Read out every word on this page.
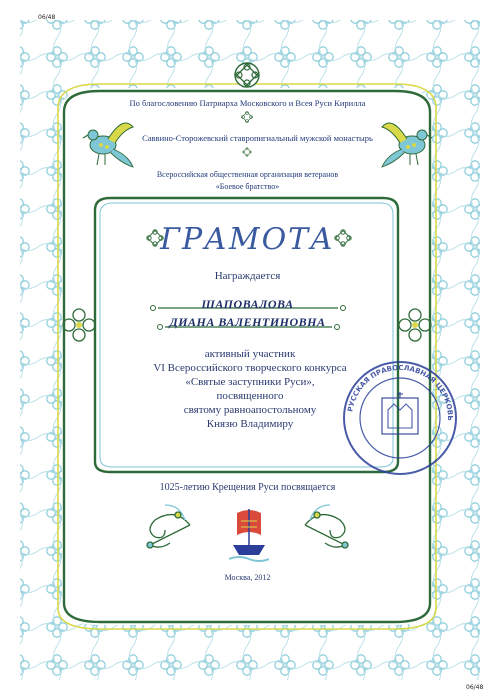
РУССКАЯ ПРАВОСЛАВНАЯ ЦЕРКОВЬ
06/48
06/48
По благословению Патриарха Московского и Всея Руси Кирилла
Саввино-Сторожевский ставропигиальный мужской монастырь
Всероссийская общественная организация ветеранов
«Боевое братство»
ГРАМОТА
Награждается
ШАПОВАЛОВА
ДИАНА ВАЛЕНТИНОВНА
активный участник
VI Всероссийского творческого конкурса
«Святые заступники Руси»,
посвященного
святому равноапостольному
Князю Владимиру
1025-летию Крещения Руси посвящается
Москва, 2012
